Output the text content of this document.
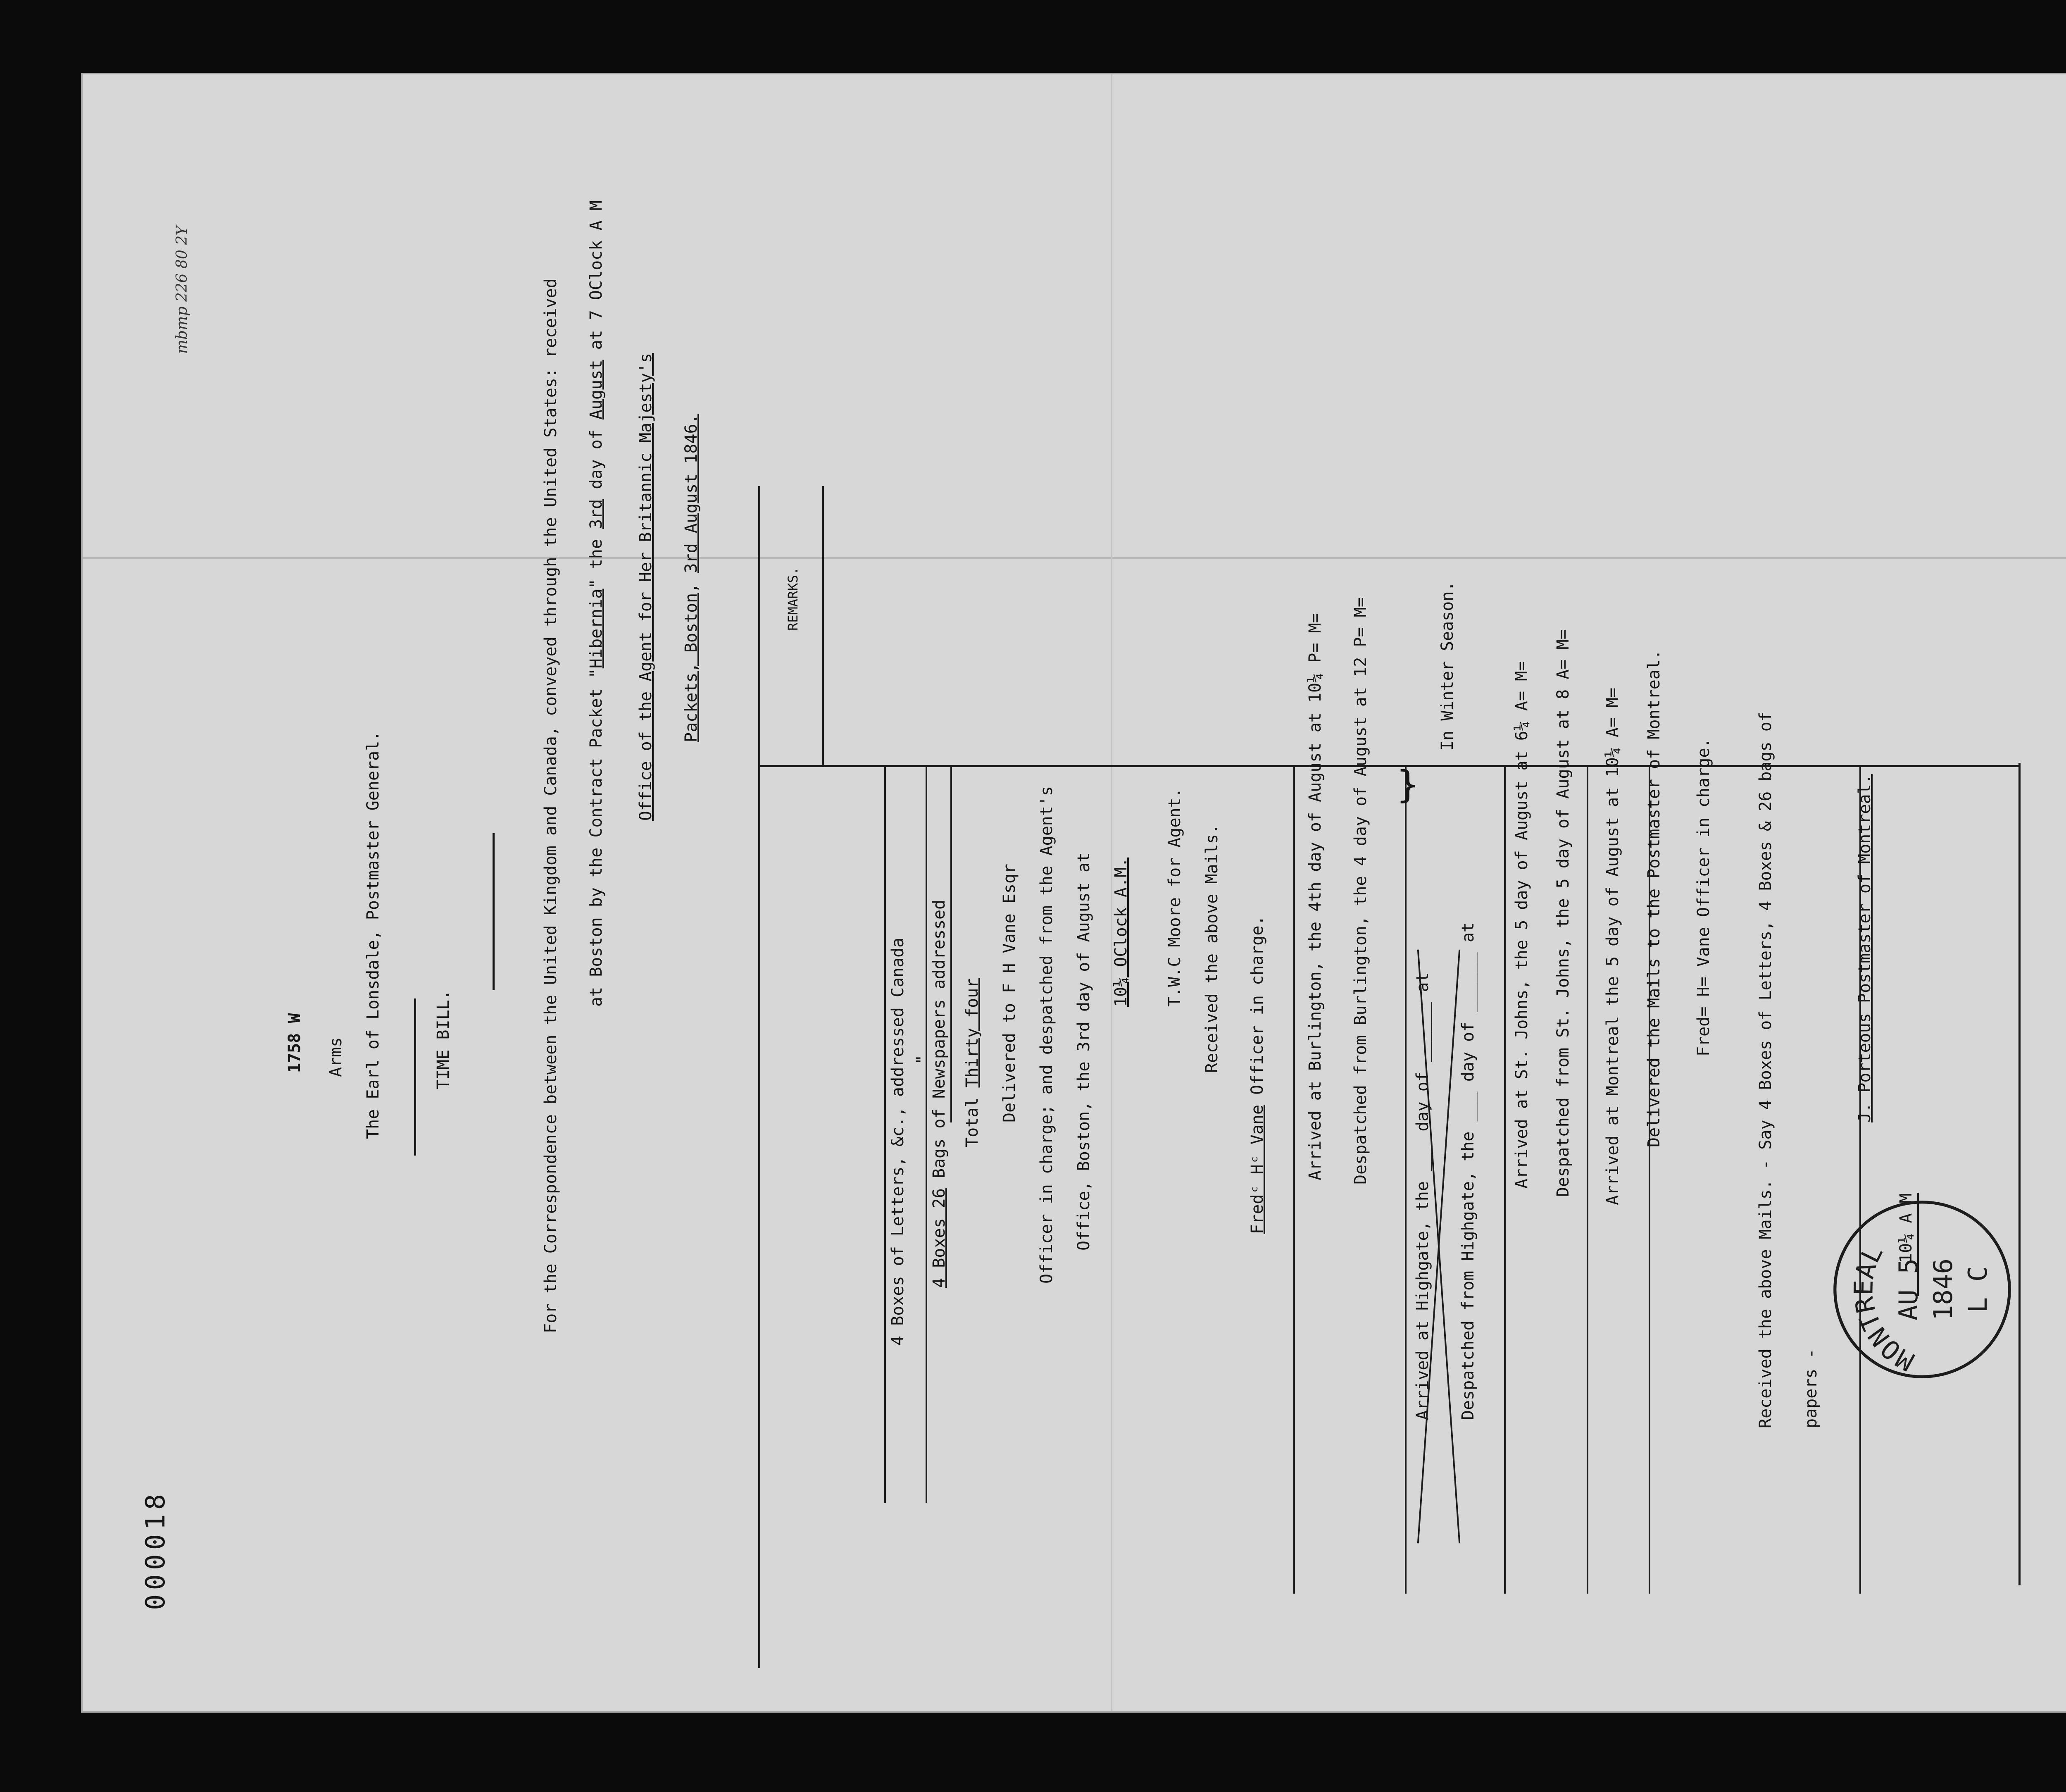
000018
mbmp 226 80 2Y
1758 W Arms The Earl of Lonsdale, Postmaster General.	TIME BILL.	For the Correspondence between the United Kingdom and Canada, conveyed through the United States: received at Boston by the Contract Packet "Hibernia" the 3rd day of August at 7 OClock A M
Office of the Agent for Her Britannic Majesty's Packets, Boston, 3rd August 1846.
REMARKS.
}
In Winter Season.
4 Boxes of Letters, &c., addressed Canada 4 Boxes 26 Bags of Newspapers addressed
"
Total Thirty four Delivered to F H Vane Esqr Officer in charge; and despatched from the Agent's Office, Boston, the 3rd day of August at 10¼ OClock A.M. T.W.C Moore for Agent. Received the above Mails.
Fredᶜ Hᶜ Vane Officer in charge. Arrived at Burlington, the 4th day of August at 10¼ P= M= Despatched from Burlington, the 4 day of August at 12 P= M=
Arrived at Highgate, the ___ day of ______ at Despatched from Highgate, the ___ day of ______ at Arrived at St. Johns, the 5 day of August at 6¼ A= M= Despatched from St. Johns, the 5 day of August at 8 A= M= Arrived at Montreal the 5 day of August at 10¼ A= M= Delivered the Mails to the Postmaster of Montreal. Fred= H= Vane Officer in charge.	Received the above Mails. - Say 4 Boxes of Letters, 4 Boxes & 26 bags of papers -
J. Porteous Postmaster of Montreal.
10¼ A M
MONTREAL
AU 5 1846 L C
